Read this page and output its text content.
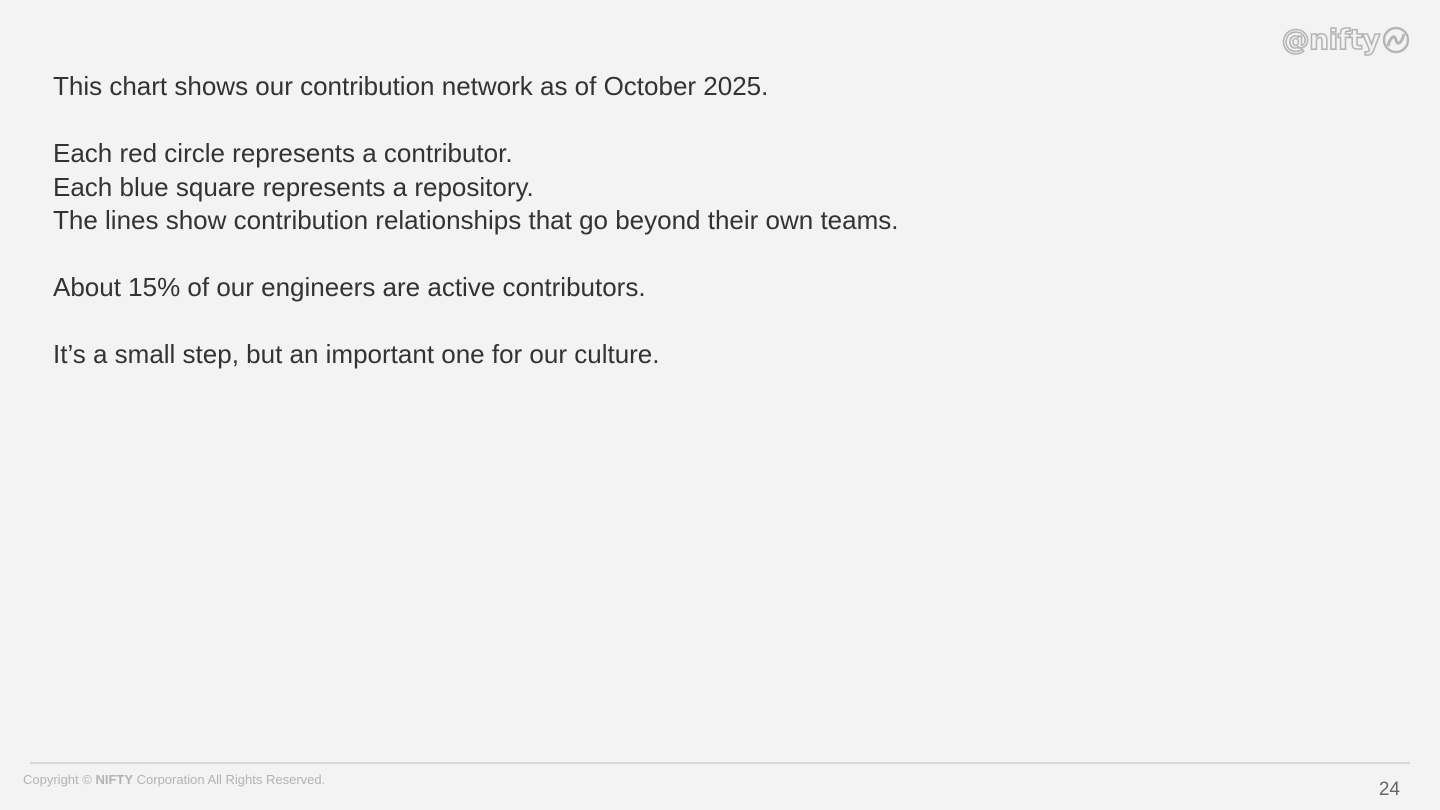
@nifty
This chart shows our contribution network as of October 2025.
Each red circle represents a contributor.
Each blue square represents a repository.
The lines show contribution relationships that go beyond their own teams.
About 15% of our engineers are active contributors.
It’s a small step, but an important one for our culture.
Copyright © NIFTY Corporation All Rights Reserved.	24
